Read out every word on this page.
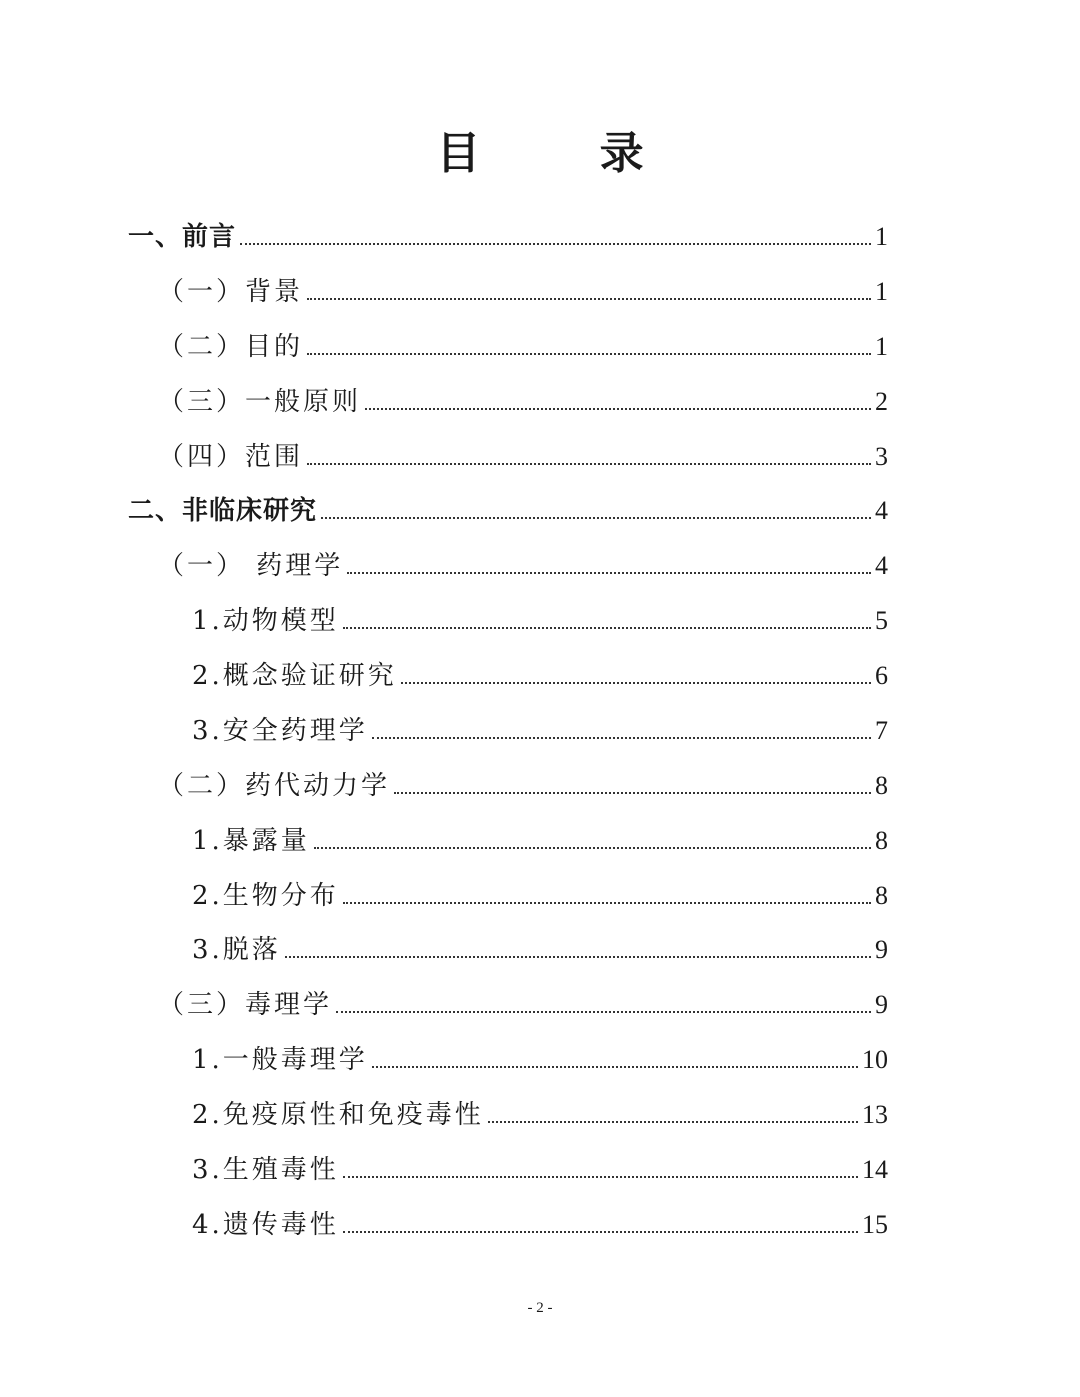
目 录
一、前言	1
（一）背景	1
（二）目的	1
（三）一般原则	2
（四）范围	3
二、非临床研究	4
（一） 药理学	4
1.动物模型	5
2.概念验证研究	6
3.安全药理学	7
（二）药代动力学	8
1.暴露量	8
2.生物分布	8
3.脱落	9
（三）毒理学	9
1.一般毒理学	10
2.免疫原性和免疫毒性	13
3.生殖毒性	14
4.遗传毒性	15
- 2 -
